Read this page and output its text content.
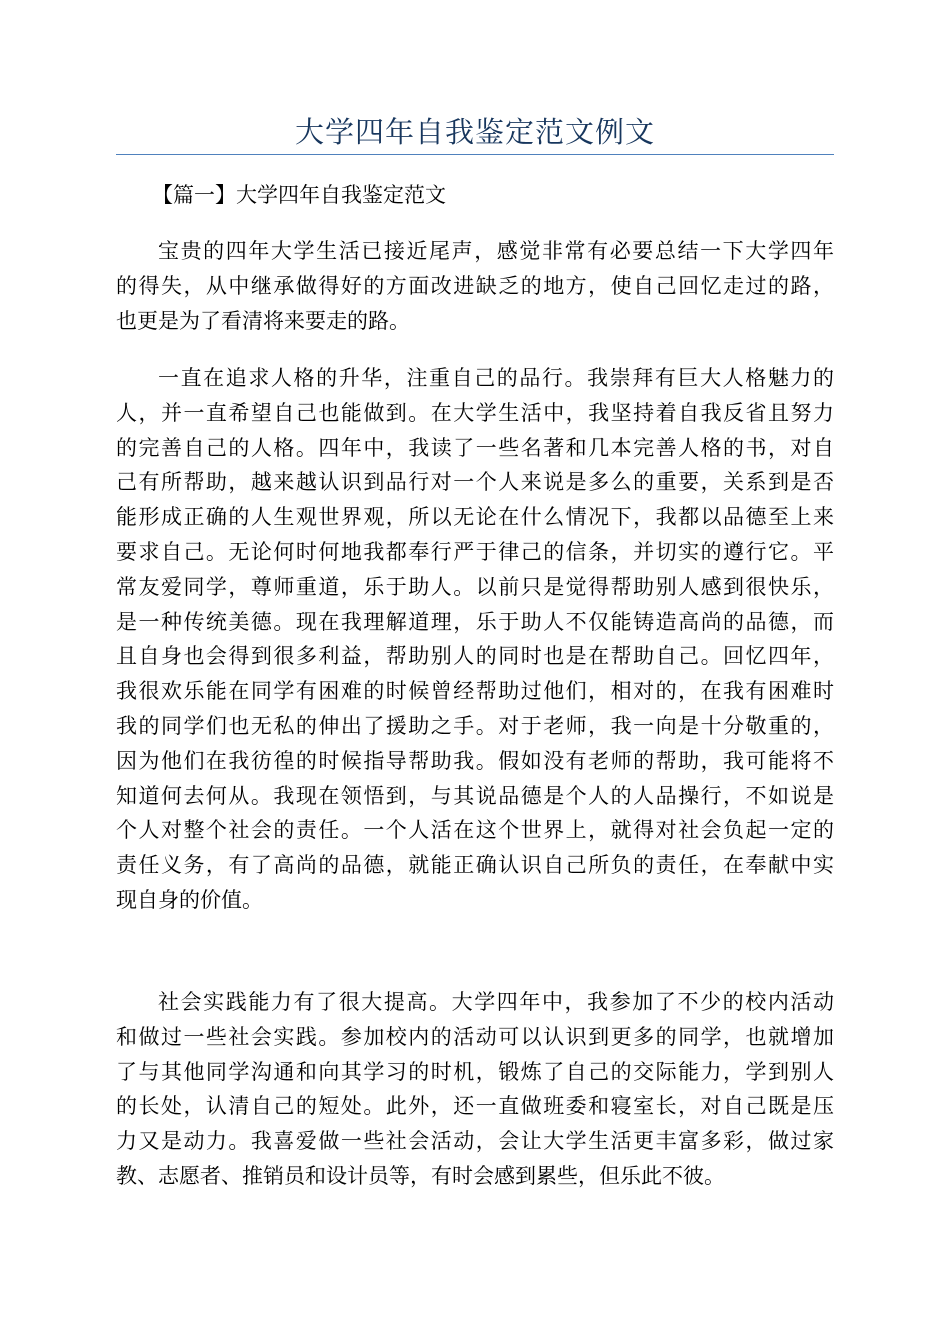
大学四年自我鉴定范文例文

【篇一】大学四年自我鉴定范文

宝贵的四年大学生活已接近尾声，感觉非常有必要总结一下大学四年
的得失，从中继承做得好的方面改进缺乏的地方，使自己回忆走过的路，
也更是为了看清将来要走的路。

一直在追求人格的升华，注重自己的品行。我崇拜有巨大人格魅力的
人，并一直希望自己也能做到。在大学生活中，我坚持着自我反省且努力
的完善自己的人格。四年中，我读了一些名著和几本完善人格的书，对自
己有所帮助，越来越认识到品行对一个人来说是多么的重要，关系到是否
能形成正确的人生观世界观，所以无论在什么情况下，我都以品德至上来
要求自己。无论何时何地我都奉行严于律己的信条，并切实的遵行它。平
常友爱同学，尊师重道，乐于助人。以前只是觉得帮助别人感到很快乐，
是一种传统美德。现在我理解道理，乐于助人不仅能铸造高尚的品德，而
且自身也会得到很多利益，帮助别人的同时也是在帮助自己。回忆四年，
我很欢乐能在同学有困难的时候曾经帮助过他们，相对的，在我有困难时
我的同学们也无私的伸出了援助之手。对于老师，我一向是十分敬重的，
因为他们在我彷徨的时候指导帮助我。假如没有老师的帮助，我可能将不
知道何去何从。我现在领悟到，与其说品德是个人的人品操行，不如说是
个人对整个社会的责任。一个人活在这个世界上，就得对社会负起一定的
责任义务，有了高尚的品德，就能正确认识自己所负的责任，在奉献中实
现自身的价值。

社会实践能力有了很大提高。大学四年中，我参加了不少的校内活动
和做过一些社会实践。参加校内的活动可以认识到更多的同学，也就增加
了与其他同学沟通和向其学习的时机，锻炼了自己的交际能力，学到别人
的长处，认清自己的短处。此外，还一直做班委和寝室长，对自己既是压
力又是动力。我喜爱做一些社会活动，会让大学生活更丰富多彩，做过家
教、志愿者、推销员和设计员等，有时会感到累些，但乐此不彼。
